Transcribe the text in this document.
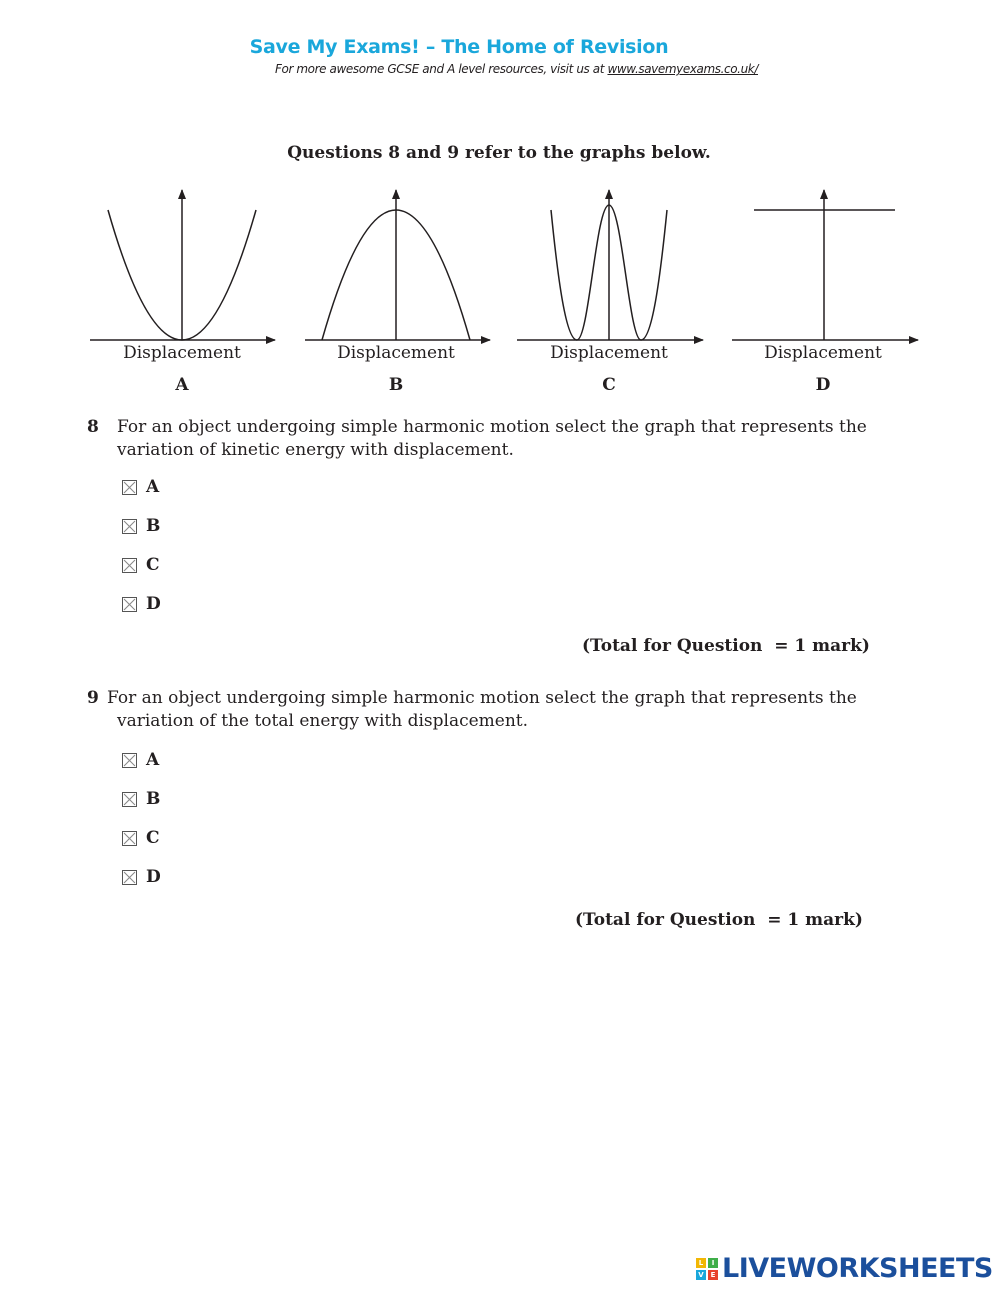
Save My Exams! – The Home of Revision
For more awesome GCSE and A level resources, visit us at www.savemyexams.co.uk/
Questions 8 and 9 refer to the graphs below.
Displacement	Displacement	Displacement	Displacement
A	B	C	D
8 For an object undergoing simple harmonic motion select the graph that represents the
variation of kinetic energy with displacement.
A
B
C
D
(Total for Question  = 1 mark)
9 For an object undergoing simple harmonic motion select the graph that represents the
variation of the total energy with displacement.
A
B
C
D
(Total for Question  = 1 mark)
L	I
V E LIVEWORKSHEETS
